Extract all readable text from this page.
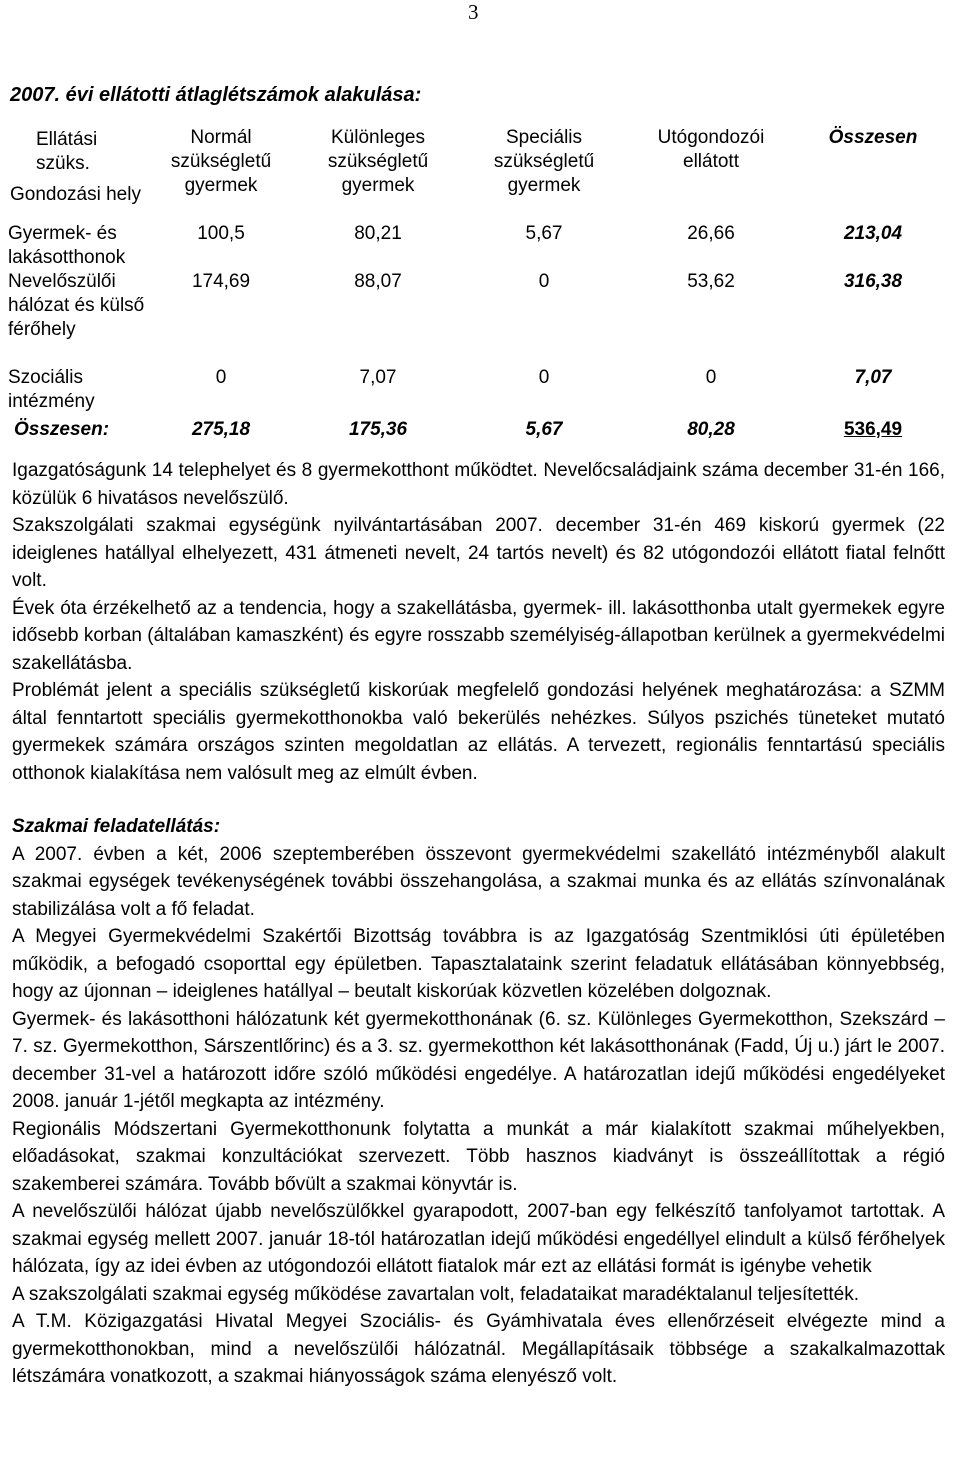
3
2007. évi ellátotti átlaglétszámok alakulása:
Ellátási szüks.
Gondozási hely	Normál szükségletű gyermek	Különleges szükségletű gyermek	Speciális szükségletű gyermek	Utógondozói ellátott	Összesen
Gyermek- és lakásotthonok	100,5	80,21	5,67	26,66	213,04
Nevelőszülői hálózat és külső férőhely	174,69	88,07	0	53,62	316,38
Szociális intézmény	0	7,07	0	0	7,07
Összesen:	275,18	175,36	5,67	80,28	536,49

Igazgatóságunk 14 telephelyet és 8 gyermekotthont működtet. Nevelőcsaládjaink száma december 31-én 166, közülük 6 hivatásos nevelőszülő.

Szakszolgálati szakmai egységünk nyilvántartásában 2007. december 31-én 469 kiskorú gyermek (22 ideiglenes hatállyal elhelyezett, 431 átmeneti nevelt, 24 tartós nevelt) és 82 utógondozói ellátott fiatal felnőtt volt.

Évek óta érzékelhető az a tendencia, hogy a szakellátásba, gyermek- ill. lakásotthonba utalt gyermekek egyre idősebb korban (általában kamaszként) és egyre rosszabb személyiség-állapotban kerülnek a gyermekvédelmi szakellátásba.

Problémát jelent a speciális szükségletű kiskorúak megfelelő gondozási helyének meghatározása: a SZMM által fenntartott speciális gyermekotthonokba való bekerülés nehézkes. Súlyos pszichés tüneteket mutató gyermekek számára országos szinten megoldatlan az ellátás. A tervezett, regionális fenntartású speciális otthonok kialakítása nem valósult meg az elmúlt évben.

Szakmai feladatellátás:

A 2007. évben a két, 2006 szeptemberében összevont gyermekvédelmi szakellátó intézményből alakult szakmai egységek tevékenységének további összehangolása, a szakmai munka és az ellátás színvonalának stabilizálása volt a fő feladat.

A Megyei Gyermekvédelmi Szakértői Bizottság továbbra is az Igazgatóság Szentmiklósi úti épületében működik, a befogadó csoporttal egy épületben. Tapasztalataink szerint feladatuk ellátásában könnyebbség, hogy az újonnan – ideiglenes hatállyal – beutalt kiskorúak közvetlen közelében dolgoznak.

Gyermek- és lakásotthoni hálózatunk két gyermekotthonának (6. sz. Különleges Gyermekotthon, Szekszárd – 7. sz. Gyermekotthon, Sárszentlőrinc) és a 3. sz. gyermekotthon két lakásotthonának (Fadd, Új u.) járt le 2007. december 31-vel a határozott időre szóló működési engedélye. A határozatlan idejű működési engedélyeket 2008. január 1-jétől megkapta az intézmény.

Regionális Módszertani Gyermekotthonunk folytatta a munkát a már kialakított szakmai műhelyekben, előadásokat, szakmai konzultációkat szervezett. Több hasznos kiadványt is összeállítottak a régió szakemberei számára. Tovább bővült a szakmai könyvtár is.

A nevelőszülői hálózat újabb nevelőszülőkkel gyarapodott, 2007-ban egy felkészítő tanfolyamot tartottak. A szakmai egység mellett 2007. január 18-tól határozatlan idejű működési engedéllyel elindult a külső férőhelyek hálózata, így az idei évben az utógondozói ellátott fiatalok már ezt az ellátási formát is igénybe vehetik

A szakszolgálati szakmai egység működése zavartalan volt, feladataikat maradéktalanul teljesítették.

A T.M. Közigazgatási Hivatal Megyei Szociális- és Gyámhivatala éves ellenőrzéseit elvégezte mind a gyermekotthonokban, mind a nevelőszülői hálózatnál. Megállapításaik többsége a szakalkalmazottak létszámára vonatkozott, a szakmai hiányosságok száma elenyésző volt.
